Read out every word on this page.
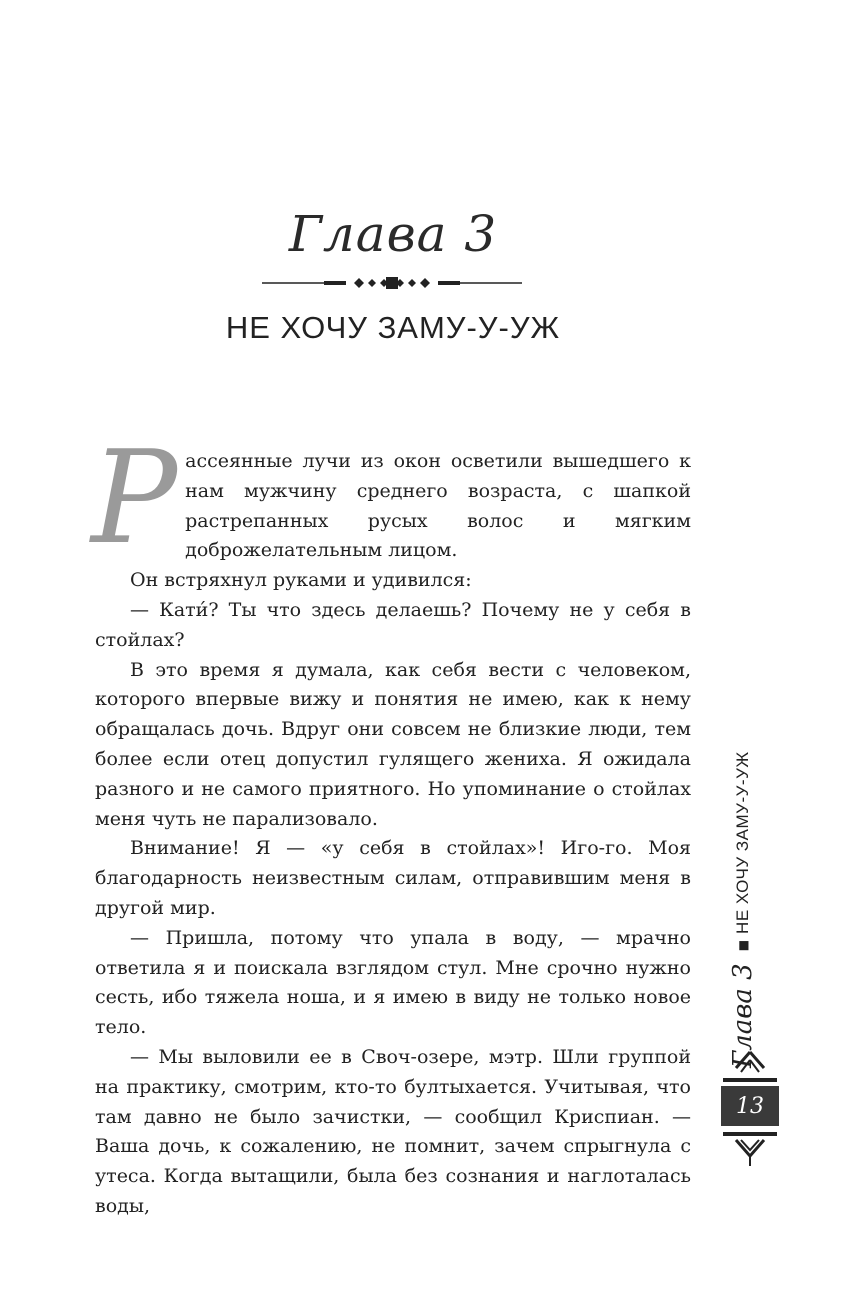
Глава 3
НЕ ХОЧУ ЗАМУ-У-УЖ

Рассеянные лучи из окон осветили вышедшего к нам мужчину среднего возраста, с шапкой растрепанных русых волос и мягким доброжелательным лицом.

Он встряхнул руками и удивился:

— Кати́? Ты что здесь делаешь? Почему не у себя в стойлах?

В это время я думала, как себя вести с человеком, которого впервые вижу и понятия не имею, как к нему обращалась дочь. Вдруг они совсем не близкие люди, тем более если отец допустил гулящего жениха. Я ожидала разного и не самого приятного. Но упоминание о стойлах меня чуть не парализовало.

Внимание! Я — «у себя в стойлах»! Иго-го. Моя благодарность неизвестным силам, отправившим меня в другой мир.

— Пришла, потому что упала в воду, — мрачно ответила я и поискала взглядом стул. Мне срочно нужно сесть, ибо тяжела ноша, и я имею в виду не только новое тело.

— Мы выловили ее в Своч-озере, мэтр. Шли группой на практику, смотрим, кто-то бултыхается. Учитывая, что там давно не было зачистки, — сообщил Криспиан. — Ваша дочь, к сожалению, не помнит, зачем спрыгнула с утеса. Когда вытащили, была без сознания и наглоталась воды,

Глава 3
■
НЕ ХОЧУ ЗАМУ-У-УЖ
13
